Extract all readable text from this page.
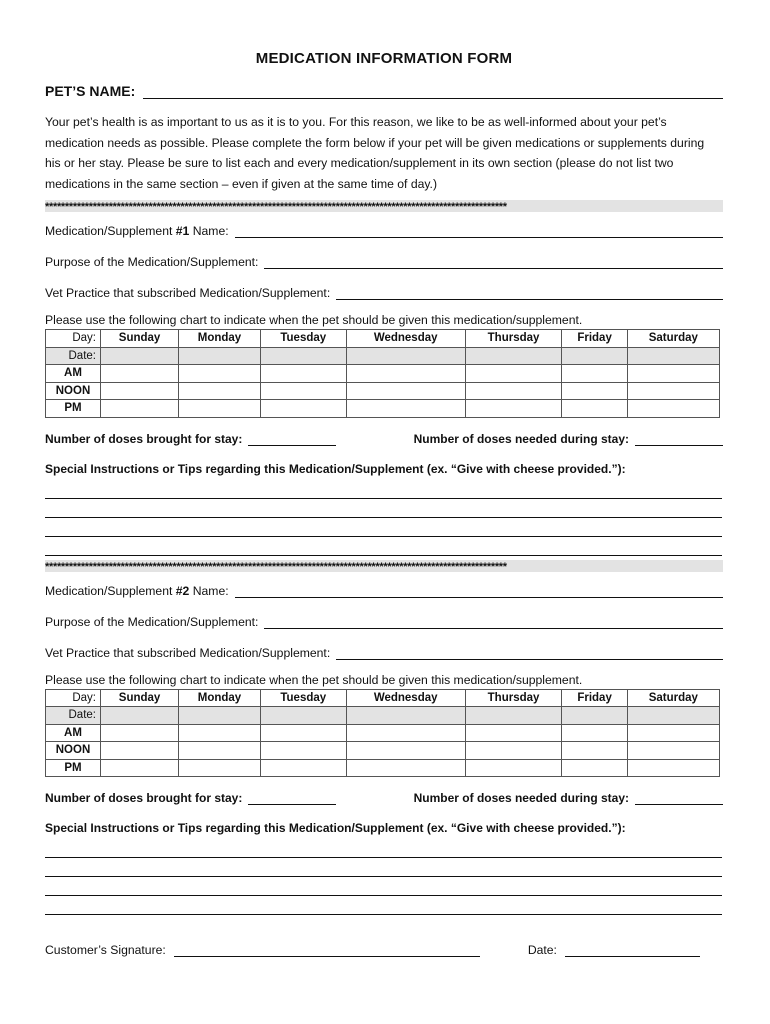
MEDICATION INFORMATION FORM
PET’S NAME:
Your pet’s health is as important to us as it is to you. For this reason, we like to be as well-informed about your pet’s medication needs as possible. Please complete the form below if your pet will be given medications or supplements during his or her stay. Please be sure to list each and every medication/supplement in its own section (please do not list two medications in the same section – even if given at the same time of day.)
********************************************************************************************************************
Medication/Supplement #1 Name:
Purpose of the Medication/Supplement:
Vet Practice that subscribed Medication/Supplement:
Please use the following chart to indicate when the pet should be given this medication/supplement.
Day:	Sunday	Monday	Tuesday	Wednesday	Thursday	Friday	Saturday
Date:							
AM							
NOON							
PM							
Number of doses brought for stay:	Number of doses needed during stay:
Special Instructions or Tips regarding this Medication/Supplement (ex. “Give with cheese provided.”):
********************************************************************************************************************
Medication/Supplement #2 Name:
Purpose of the Medication/Supplement:
Vet Practice that subscribed Medication/Supplement:
Please use the following chart to indicate when the pet should be given this medication/supplement.
Day:	Sunday	Monday	Tuesday	Wednesday	Thursday	Friday	Saturday
Date:							
AM							
NOON							
PM							
Number of doses brought for stay:	Number of doses needed during stay:
Special Instructions or Tips regarding this Medication/Supplement (ex. “Give with cheese provided.”):
Customer’s Signature:	Date:
